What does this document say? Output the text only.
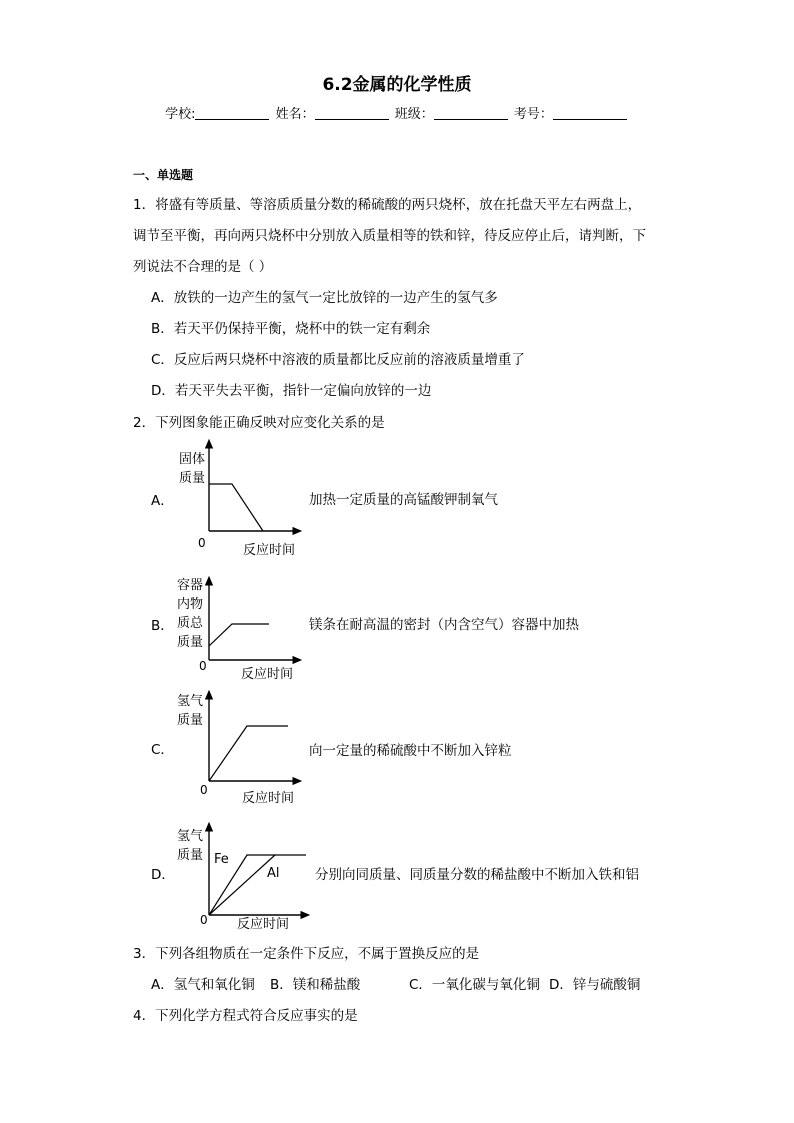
6.2金属的化学性质
学校:	姓名：	班级：	考号：
一、单选题
1．将盛有等质量、等溶质质量分数的稀硫酸的两只烧杯，放在托盘天平左右两盘上，
调节至平衡，再向两只烧杯中分别放入质量相等的铁和锌，待反应停止后，请判断，下
列说法不合理的是（ ）
A．放铁的一边产生的氢气一定比放锌的一边产生的氢气多
B．若天平仍保持平衡，烧杯中的铁一定有剩余
C．反应后两只烧杯中溶液的质量都比反应前的溶液质量增重了
D．若天平失去平衡，指针一定偏向放锌的一边
2．下列图象能正确反映对应变化关系的是
A．
固体
质量
0	反应时间
加热一定质量的高锰酸钾制氧气
B．
容器
内物
质总
质量
0
反应时间
镁条在耐高温的密封（内含空气）容器中加热
C．
氢气
质量
0
反应时间
向一定量的稀硫酸中不断加入锌粒
D．
氢气
质量 Fe
Al
0 反应时间
分别向同质量、同质量分数的稀盐酸中不断加入铁和铝
3．下列各组物质在一定条件下反应，不属于置换反应的是
A．氢气和氧化铜 B．镁和稀盐酸	C．一氧化碳与氧化铜 D．锌与硫酸铜
4．下列化学方程式符合反应事实的是
